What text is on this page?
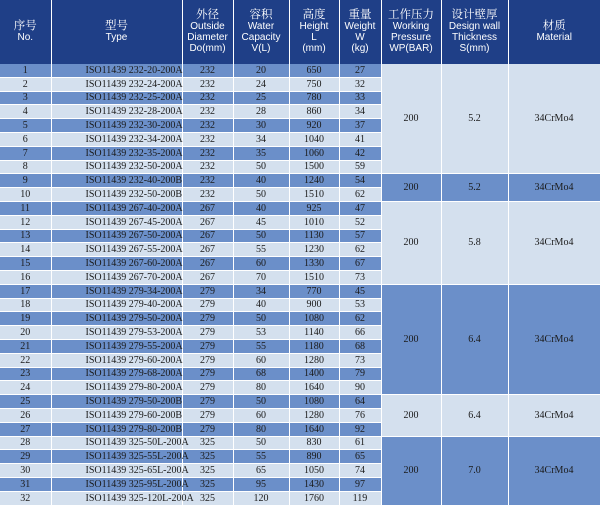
序号
No.	型号
Type	外径
Outside
Diameter
Do(mm)	容积
Water
Capacity
V(L)	高度
Height
L
(mm)	重量
Weight
W
(kg)	工作压力
Working
Pressure
WP(BAR)	设计壁厚
Design wall
Thickness
S(mm)	材质
Material

1	ISO11439 232-20-200A	232	20	650	27	200	5.2	34CrMo4
2	ISO11439 232-24-200A	232	24	750	32			
3	ISO11439 232-25-200A	232	25	780	33			
4	ISO11439 232-28-200A	232	28	860	34			
5	ISO11439 232-30-200A	232	30	920	37			
6	ISO11439 232-34-200A	232	34	1040	41			
7	ISO11439 232-35-200A	232	35	1060	42			
8	ISO11439 232-50-200A	232	50	1500	59			
9	ISO11439 232-40-200B	232	40	1240	54	200	5.2	34CrMo4
10	ISO11439 232-50-200B	232	50	1510	62			
11	ISO11439 267-40-200A	267	40	925	47	200	5.8	34CrMo4
12	ISO11439 267-45-200A	267	45	1010	52			
13	ISO11439 267-50-200A	267	50	1130	57			
14	ISO11439 267-55-200A	267	55	1230	62			
15	ISO11439 267-60-200A	267	60	1330	67			
16	ISO11439 267-70-200A	267	70	1510	73			
17	ISO11439 279-34-200A	279	34	770	45	200	6.4	34CrMo4
18	ISO11439 279-40-200A	279	40	900	53			
19	ISO11439 279-50-200A	279	50	1080	62			
20	ISO11439 279-53-200A	279	53	1140	66			
21	ISO11439 279-55-200A	279	55	1180	68			
22	ISO11439 279-60-200A	279	60	1280	73			
23	ISO11439 279-68-200A	279	68	1400	79			
24	ISO11439 279-80-200A	279	80	1640	90			
25	ISO11439 279-50-200B	279	50	1080	64	200	6.4	34CrMo4
26	ISO11439 279-60-200B	279	60	1280	76			
27	ISO11439 279-80-200B	279	80	1640	92			
28	ISO11439 325-50L-200A	325	50	830	61	200	7.0	34CrMo4
29	ISO11439 325-55L-200A	325	55	890	65			
30	ISO11439 325-65L-200A	325	65	1050	74			
31	ISO11439 325-95L-200A	325	95	1430	97			
32	ISO11439 325-120L-200A	325	120	1760	119			
